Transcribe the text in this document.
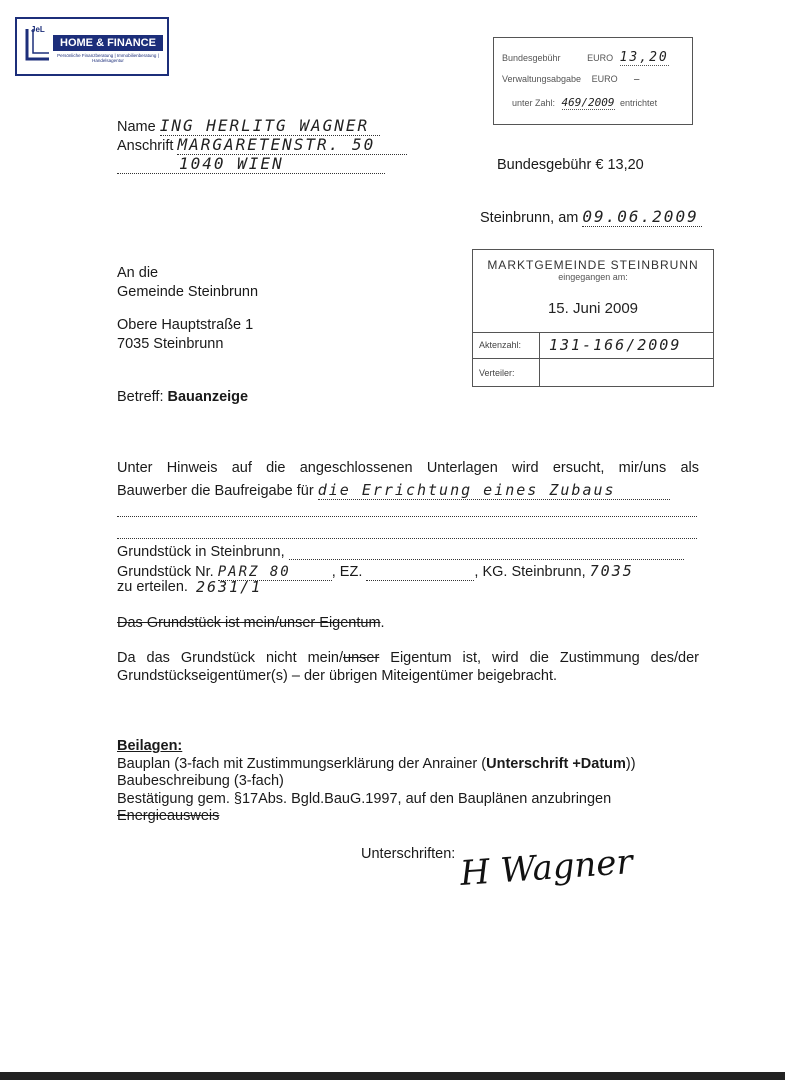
JeL
HOME & FINANCE
Persönliche Finanzberatung | Immobilienberatung | Handelsagentur	Bundesgebühr	EURO 13,20
Verwaltungsabgabe EURO –
unter Zahl: 469/2009 entrichtet
Name ING HERLITG WAGNER
Anschrift MARGARETENSTR. 50
1040 WIEN	Bundesgebühr € 13,20
Steinbrunn, am 09.06.2009
An die
Gemeinde Steinbrunn
Obere Hauptstraße 1
7035 Steinbrunn
MARKTGEMEINDE STEINBRUNN
eingegangen am:
15. Juni 2009
Aktenzahl: 131-166/2009
Verteiler:
Betreff: Bauanzeige
Unter Hinweis auf die angeschlossenen Unterlagen wird ersucht, mir/uns als
Bauwerber die Baufreigabe für die Errichtung eines Zubaus
Grundstück in Steinbrunn,
Grundstück Nr. PARZ 80	, EZ.	, KG. Steinbrunn, 7035
zu erteilen. 2631/1
Das Grundstück ist mein/unser Eigentum.
Da das Grundstück nicht mein/unser Eigentum ist, wird die Zustimmung des/der
Grundstückseigentümer(s) – der übrigen Miteigentümer beigebracht.
Beilagen:
Bauplan (3-fach mit Zustimmungserklärung der Anrainer (Unterschrift +Datum))
Baubeschreibung (3-fach)
Bestätigung gem. §17Abs. Bgld.BauG.1997, auf den Bauplänen anzubringen
Energieausweis
Unterschriften: H Wagner
